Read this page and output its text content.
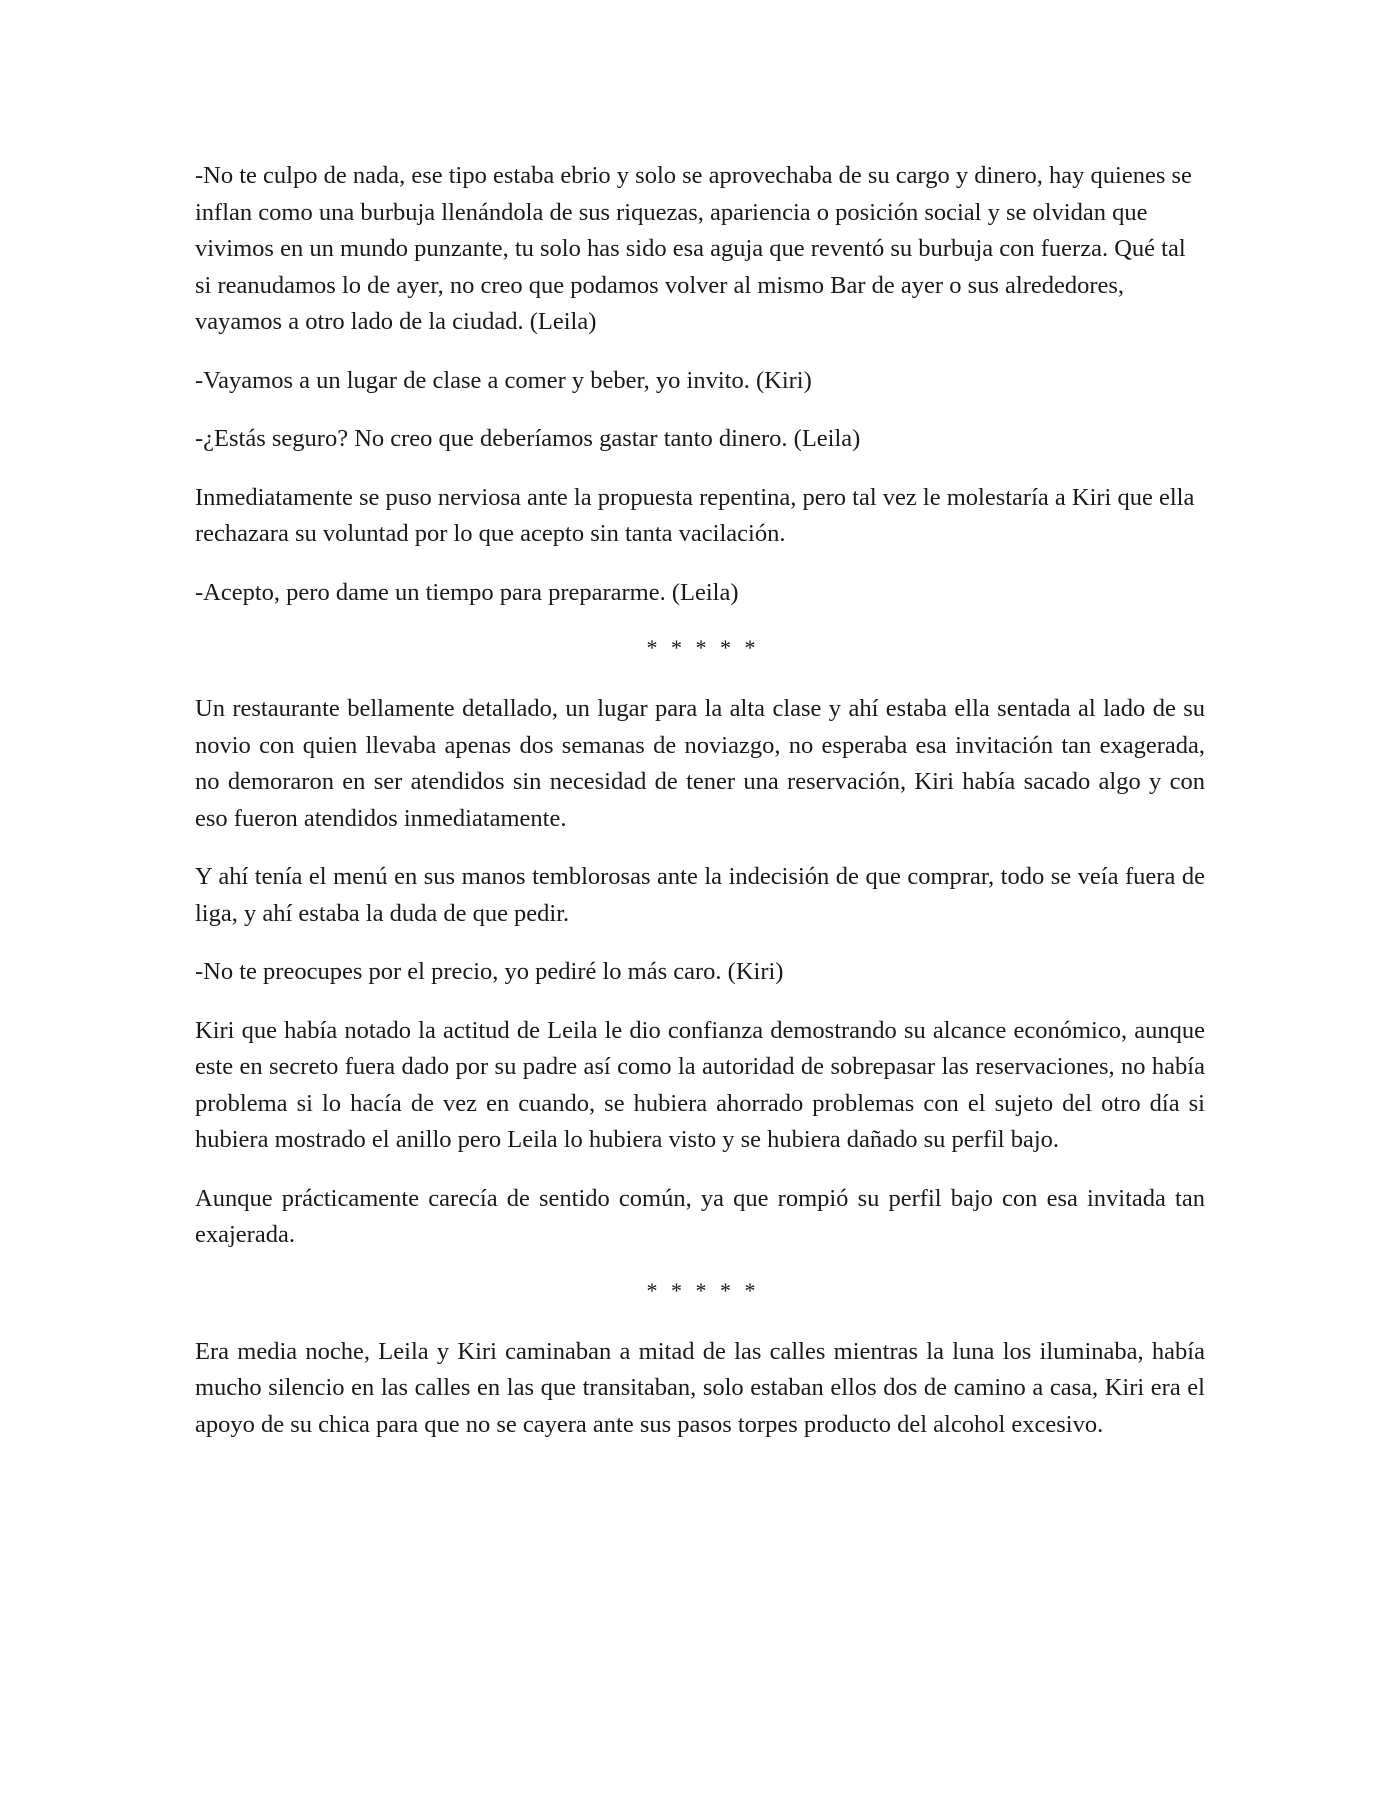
-No te culpo de nada, ese tipo estaba ebrio y solo se aprovechaba de su cargo y dinero, hay quienes se inflan como una burbuja llenándola de sus riquezas, apariencia o posición social y se olvidan que vivimos en un mundo punzante, tu solo has sido esa aguja que reventó su burbuja con fuerza. Qué tal si reanudamos lo de ayer, no creo que podamos volver al mismo Bar de ayer o sus alrededores, vayamos a otro lado de la ciudad. (Leila)

-Vayamos a un lugar de clase a comer y beber, yo invito. (Kiri)

-¿Estás seguro? No creo que deberíamos gastar tanto dinero. (Leila)

Inmediatamente se puso nerviosa ante la propuesta repentina, pero tal vez le molestaría a Kiri que ella rechazara su voluntad por lo que acepto sin tanta vacilación.

-Acepto, pero dame un tiempo para prepararme. (Leila)

* * * * *

Un restaurante bellamente detallado, un lugar para la alta clase y ahí estaba ella sentada al lado de su novio con quien llevaba apenas dos semanas de noviazgo, no esperaba esa invitación tan exagerada, no demoraron en ser atendidos sin necesidad de tener una reservación, Kiri había sacado algo y con eso fueron atendidos inmediatamente.

Y ahí tenía el menú en sus manos temblorosas ante la indecisión de que comprar, todo se veía fuera de liga, y ahí estaba la duda de que pedir.

-No te preocupes por el precio, yo pediré lo más caro. (Kiri)

Kiri que había notado la actitud de Leila le dio confianza demostrando su alcance económico, aunque este en secreto fuera dado por su padre así como la autoridad de sobrepasar las reservaciones, no había problema si lo hacía de vez en cuando, se hubiera ahorrado problemas con el sujeto del otro día si hubiera mostrado el anillo pero Leila lo hubiera visto y se hubiera dañado su perfil bajo.

Aunque prácticamente carecía de sentido común, ya que rompió su perfil bajo con esa invitada tan exajerada.

* * * * *

Era media noche, Leila y Kiri caminaban a mitad de las calles mientras la luna los iluminaba, había mucho silencio en las calles en las que transitaban, solo estaban ellos dos de camino a casa, Kiri era el apoyo de su chica para que no se cayera ante sus pasos torpes producto del alcohol excesivo.
